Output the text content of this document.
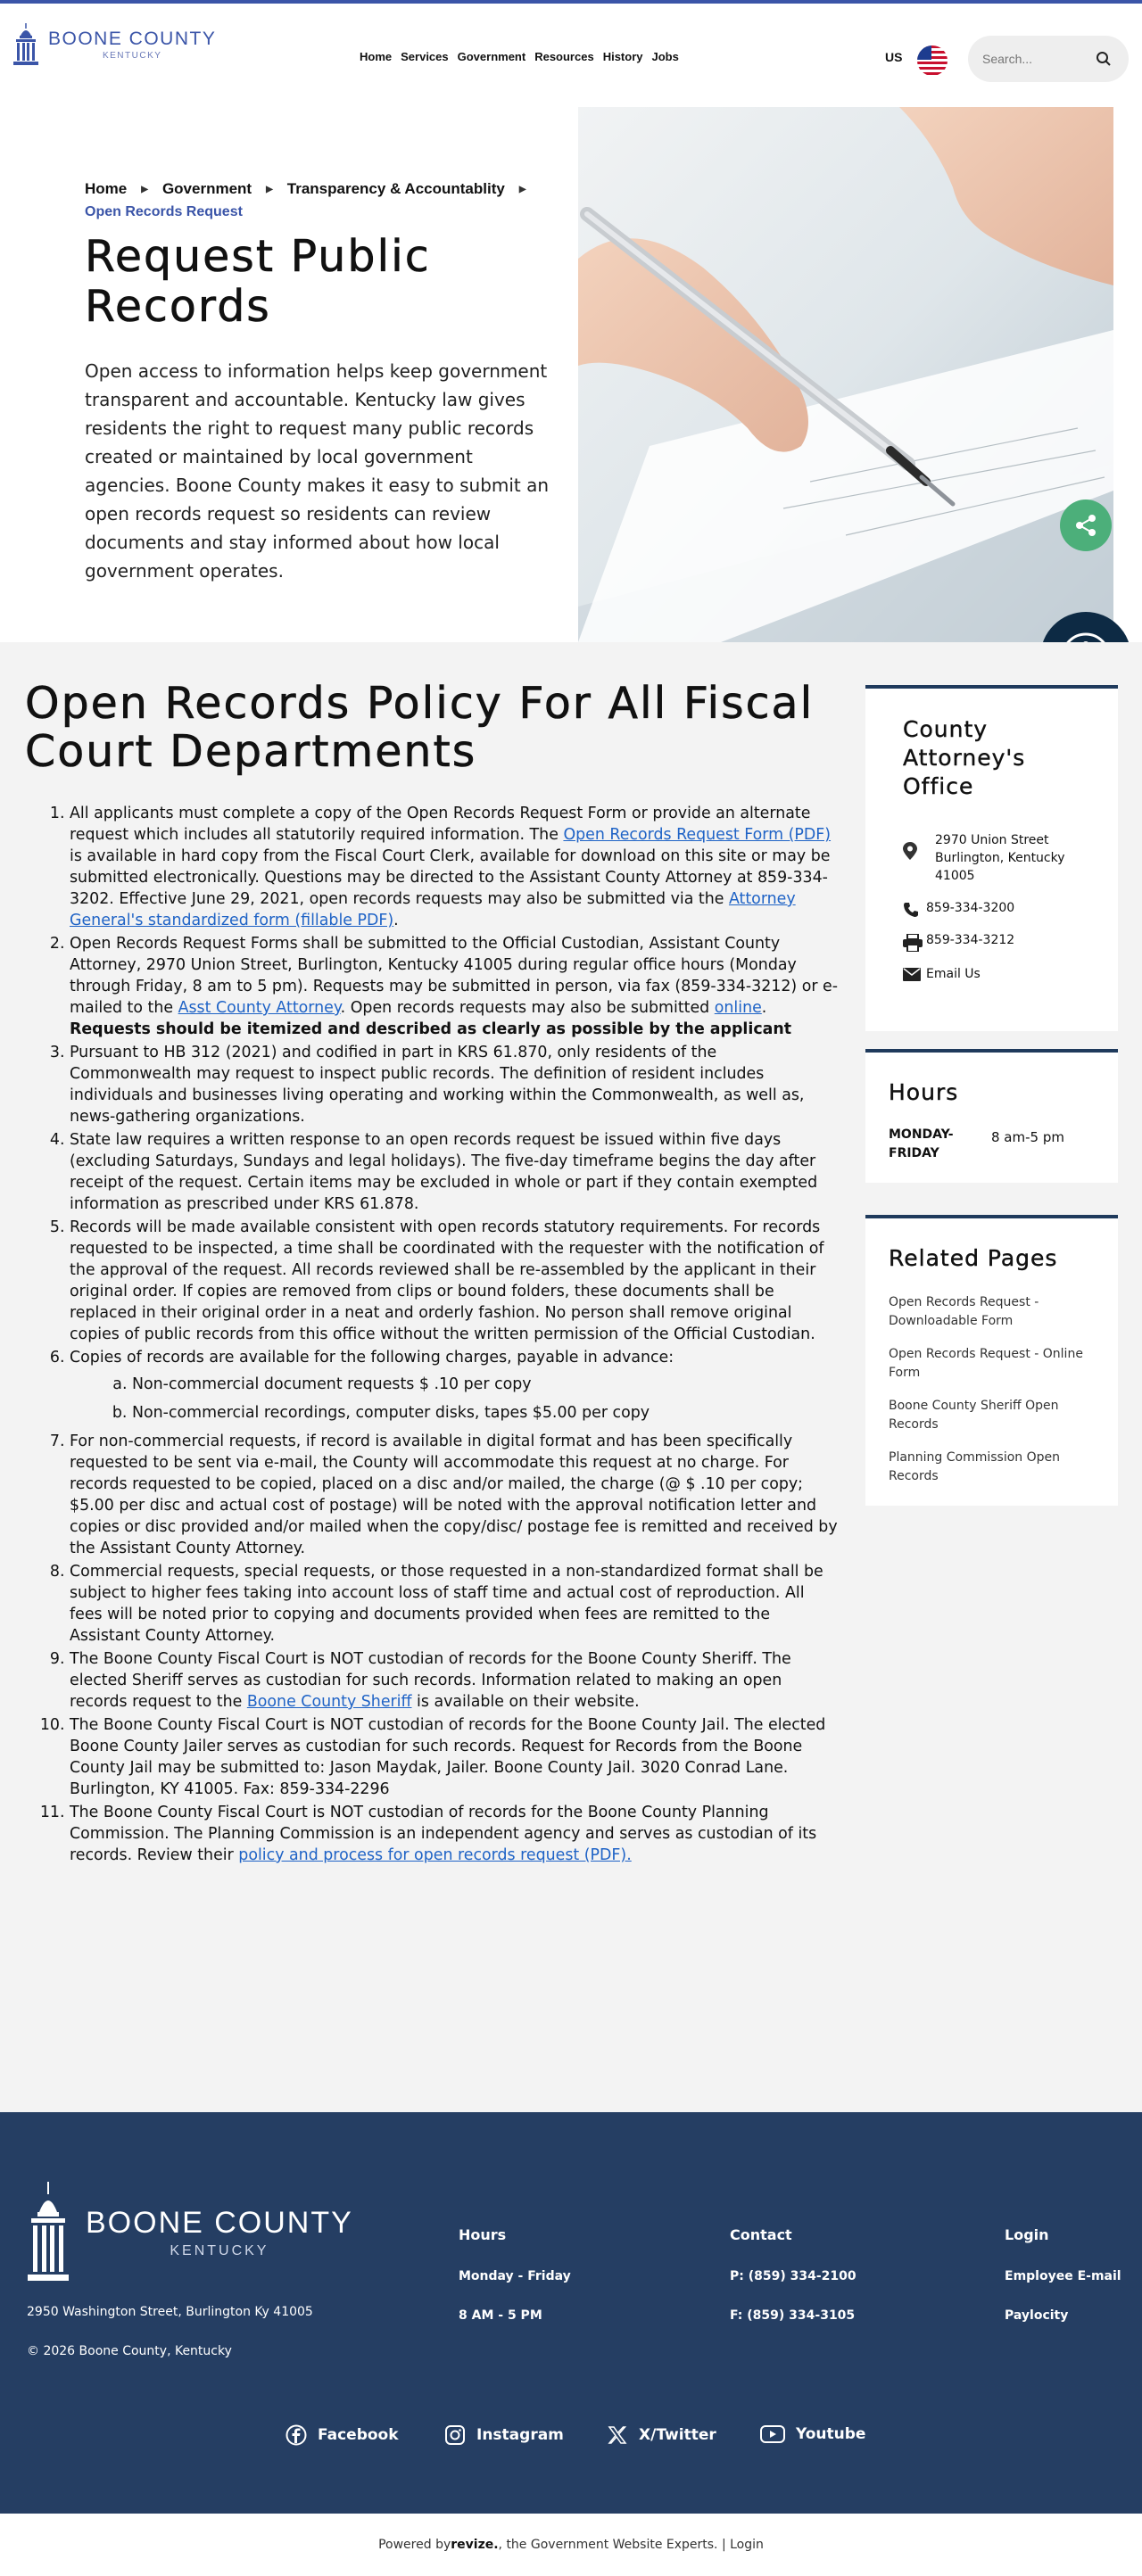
BOONE COUNTY
KENTUCKY	Home Services Government Resources History Jobs	US
Search...
Home ▶ Government ▶ Transparency & Accountablity ▶
Open Records Request
Request Public Records

Open access to information helps keep government transparent and accountable. Kentucky law gives residents the right to request many public records created or maintained by local government agencies. Boone County makes it easy to submit an open records request so residents can review documents and stay informed about how local government operates.

Open Records Policy For All Fiscal Court Departments
1. All applicants must complete a copy of the Open Records Request Form or provide an alternate request which includes all statutorily required information. The Open Records Request Form (PDF) is available in hard copy from the Fiscal Court Clerk, available for download on this site or may be submitted electronically. Questions may be directed to the Assistant County Attorney at 859-334-3202. Effective June 29, 2021, open records requests may also be submitted via the Attorney General's standardized form (fillable PDF).
2. Open Records Request Forms shall be submitted to the Official Custodian, Assistant County Attorney, 2970 Union Street, Burlington, Kentucky 41005 during regular office hours (Monday through Friday, 8 am to 5 pm). Requests may be submitted in person, via fax (859-334-3212) or e-mailed to the Asst County Attorney. Open records requests may also be submitted online.
Requests should be itemized and described as clearly as possible by the applicant
3. Pursuant to HB 312 (2021) and codified in part in KRS 61.870, only residents of the Commonwealth may request to inspect public records. The definition of resident includes individuals and businesses living operating and working within the Commonwealth, as well as, news-gathering organizations.
4. State law requires a written response to an open records request be issued within five days (excluding Saturdays, Sundays and legal holidays). The five-day timeframe begins the day after receipt of the request. Certain items may be excluded in whole or part if they contain exempted information as prescribed under KRS 61.878.
5. Records will be made available consistent with open records statutory requirements. For records requested to be inspected, a time shall be coordinated with the requester with the notification of the approval of the request. All records reviewed shall be re-assembled by the applicant in their original order. If copies are removed from clips or bound folders, these documents shall be replaced in their original order in a neat and orderly fashion. No person shall remove original copies of public records from this office without the written permission of the Official Custodian.
6. Copies of records are available for the following charges, payable in advance:
a. Non-commercial document requests $ .10 per copy
b. Non-commercial recordings, computer disks, tapes $5.00 per copy
7. For non-commercial requests, if record is available in digital format and has been specifically requested to be sent via e-mail, the County will accommodate this request at no charge. For records requested to be copied, placed on a disc and/or mailed, the charge (@ $ .10 per copy; $5.00 per disc and actual cost of postage) will be noted with the approval notification letter and copies or disc provided and/or mailed when the copy/disc/ postage fee is remitted and received by the Assistant County Attorney.
8. Commercial requests, special requests, or those requested in a non-standardized format shall be subject to higher fees taking into account loss of staff time and actual cost of reproduction. All fees will be noted prior to copying and documents provided when fees are remitted to the Assistant County Attorney.
9. The Boone County Fiscal Court is NOT custodian of records for the Boone County Sheriff. The elected Sheriff serves as custodian for such records. Information related to making an open records request to the Boone County Sheriff is available on their website.
10. The Boone County Fiscal Court is NOT custodian of records for the Boone County Jail. The elected Boone County Jailer serves as custodian for such records. Request for Records from the Boone County Jail may be submitted to: Jason Maydak, Jailer. Boone County Jail. 3020 Conrad Lane. Burlington, KY 41005. Fax: 859-334-2296
11. The Boone County Fiscal Court is NOT custodian of records for the Boone County Planning Commission. The Planning Commission is an independent agency and serves as custodian of its records. Review their policy and process for open records request (PDF).
County Attorney's Office
2970 Union Street Burlington, Kentucky 41005
859-334-3200
859-334-3212
Email Us
Hours
MONDAY-FRIDAY
8 am-5 pm
Related Pages
Open Records Request - Downloadable Form
Open Records Request - Online Form
Boone County Sheriff Open Records
Planning Commission Open Records
BOONE COUNTY
KENTUCKY
2950 Washington Street, Burlington Ky 41005
© 2026 Boone County, Kentucky
Hours
Monday - Friday
8 AM - 5 PM
Contact
P: (859) 334-2100
F: (859) 334-3105
Login
Employee E-mail
Paylocity
Facebook	Instagram	X/Twitter	Youtube
Powered by revize. , the Government Website Experts. | Login
